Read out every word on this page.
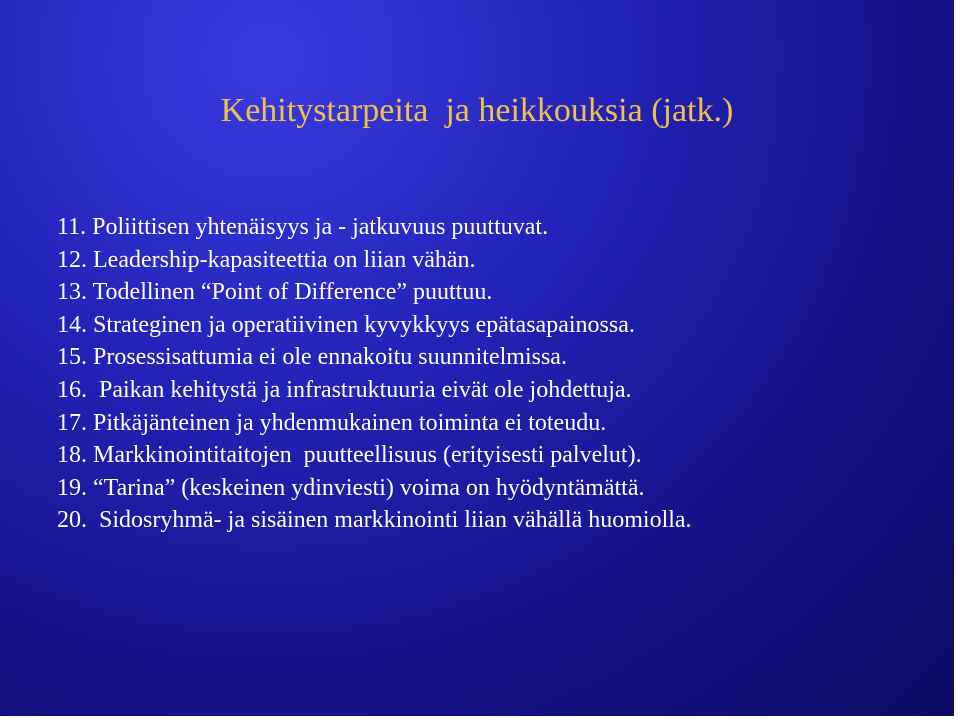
Kehitystarpeita  ja heikkouksia (jatk.)
11. Poliittisen yhtenäisyys ja - jatkuvuus puuttuvat.
12. Leadership-kapasiteettia on liian vähän.
13. Todellinen “Point of Difference” puuttuu.
14. Strateginen ja operatiivinen kyvykkyys epätasapainossa.
15. Prosessisattumia ei ole ennakoitu suunnitelmissa.
16.  Paikan kehitystä ja infrastruktuuria eivät ole johdettuja.
17. Pitkäjänteinen ja yhdenmukainen toiminta ei toteudu.
18. Markkinointitaitojen  puutteellisuus (erityisesti palvelut).
19. “Tarina” (keskeinen ydinviesti) voima on hyödyntämättä.
20.  Sidosryhmä- ja sisäinen markkinointi liian vähällä huomiolla.
